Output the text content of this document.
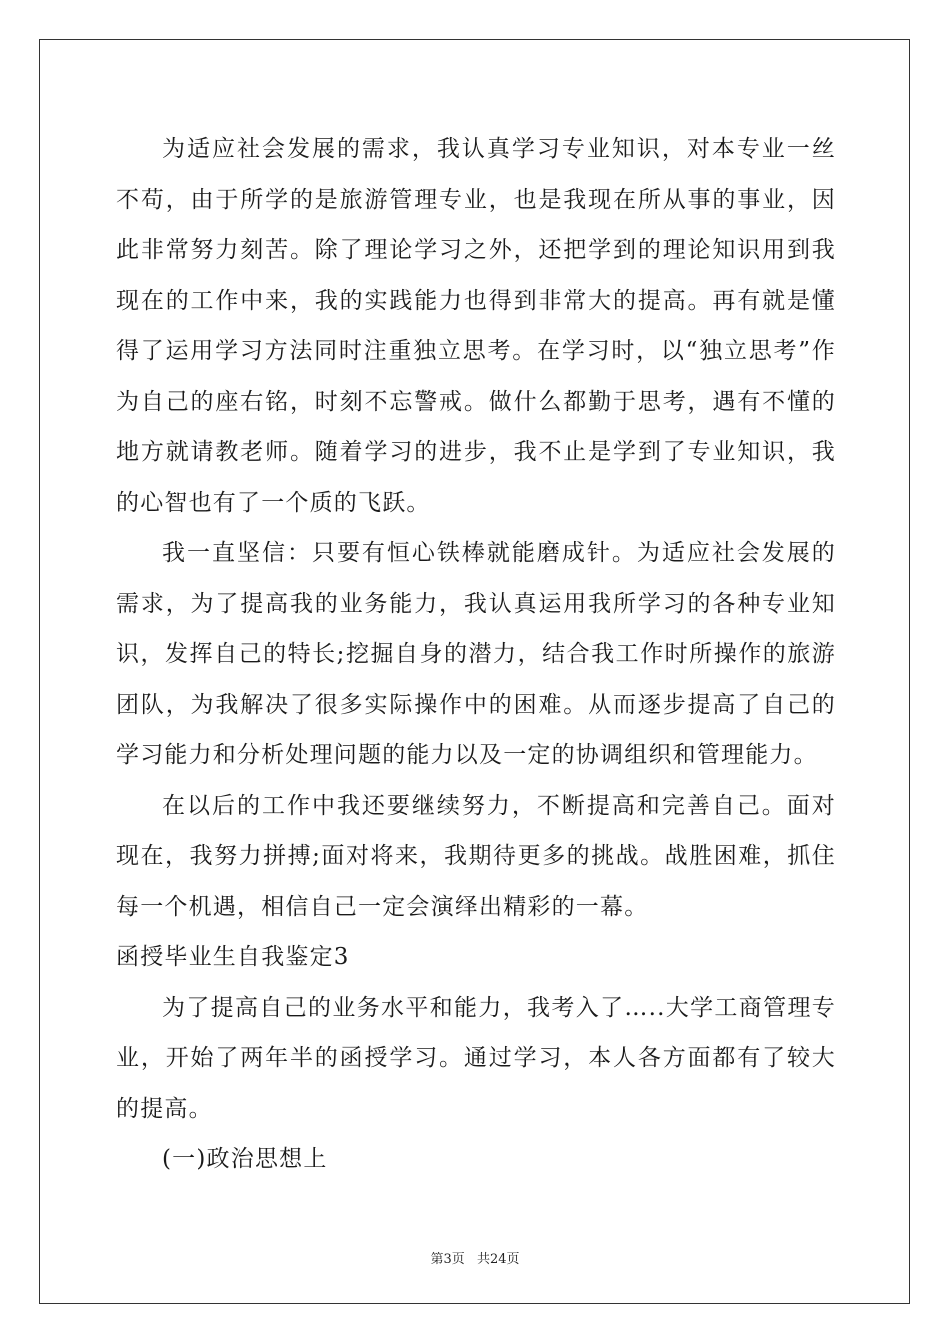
为适应社会发展的需求，我认真学习专业知识，对本专业一丝不苟，由于所学的是旅游管理专业，也是我现在所从事的事业，因此非常努力刻苦。除了理论学习之外，还把学到的理论知识用到我现在的工作中来，我的实践能力也得到非常大的提高。再有就是懂得了运用学习方法同时注重独立思考。在学习时，以“独立思考”作为自己的座右铭，时刻不忘警戒。做什么都勤于思考，遇有不懂的地方就请教老师。随着学习的进步，我不止是学到了专业知识，我的心智也有了一个质的飞跃。

我一直坚信：只要有恒心铁棒就能磨成针。为适应社会发展的需求，为了提高我的业务能力，我认真运用我所学习的各种专业知识，发挥自己的特长;挖掘自身的潜力，结合我工作时所操作的旅游团队，为我解决了很多实际操作中的困难。从而逐步提高了自己的学习能力和分析处理问题的能力以及一定的协调组织和管理能力。

在以后的工作中我还要继续努力，不断提高和完善自己。面对现在，我努力拼搏;面对将来，我期待更多的挑战。战胜困难，抓住每一个机遇，相信自己一定会演绎出精彩的一幕。

函授毕业生自我鉴定3

为了提高自己的业务水平和能力，我考入了…..大学工商管理专业，开始了两年半的函授学习。通过学习，本人各方面都有了较大的提高。

(一)政治思想上

第3页 共24页
